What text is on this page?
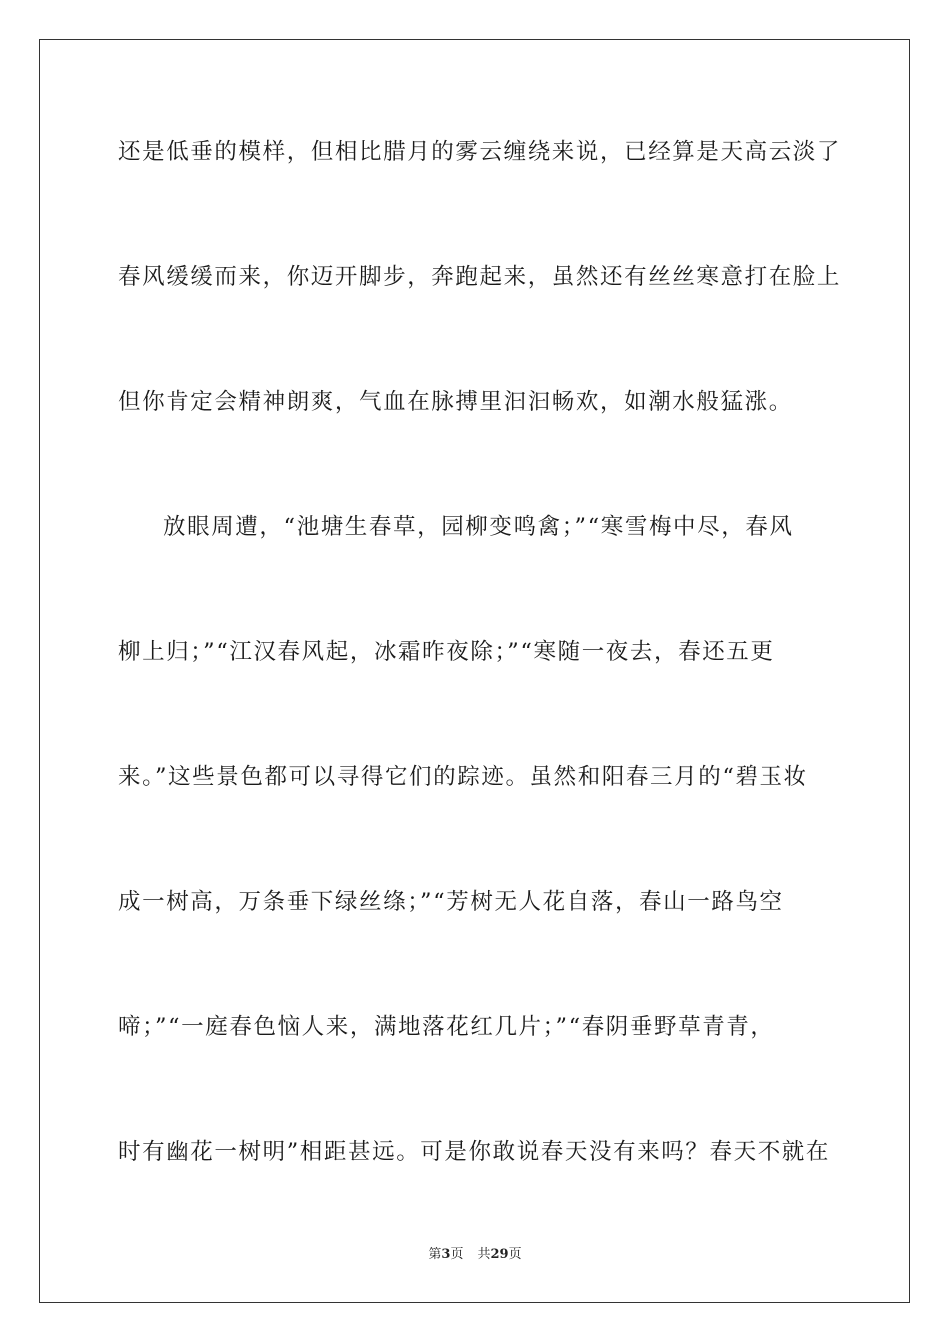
还是低垂的模样，但相比腊月的雾云缠绕来说，已经算是天高云淡了
春风缓缓而来，你迈开脚步，奔跑起来，虽然还有丝丝寒意打在脸上
但你肯定会精神朗爽，气血在脉搏里汩汩畅欢，如潮水般猛涨。
放眼周遭，“池塘生春草，园柳变鸣禽；”“寒雪梅中尽，春风
柳上归；”“江汉春风起，冰霜昨夜除；”“寒随一夜去，春还五更
来。”这些景色都可以寻得它们的踪迹。虽然和阳春三月的“碧玉妆
成一树高，万条垂下绿丝绦；”“芳树无人花自落，春山一路鸟空
啼；”“一庭春色恼人来，满地落花红几片；”“春阴垂野草青青，
时有幽花一树明”相距甚远。可是你敢说春天没有来吗？春天不就在
第3页 共29页
